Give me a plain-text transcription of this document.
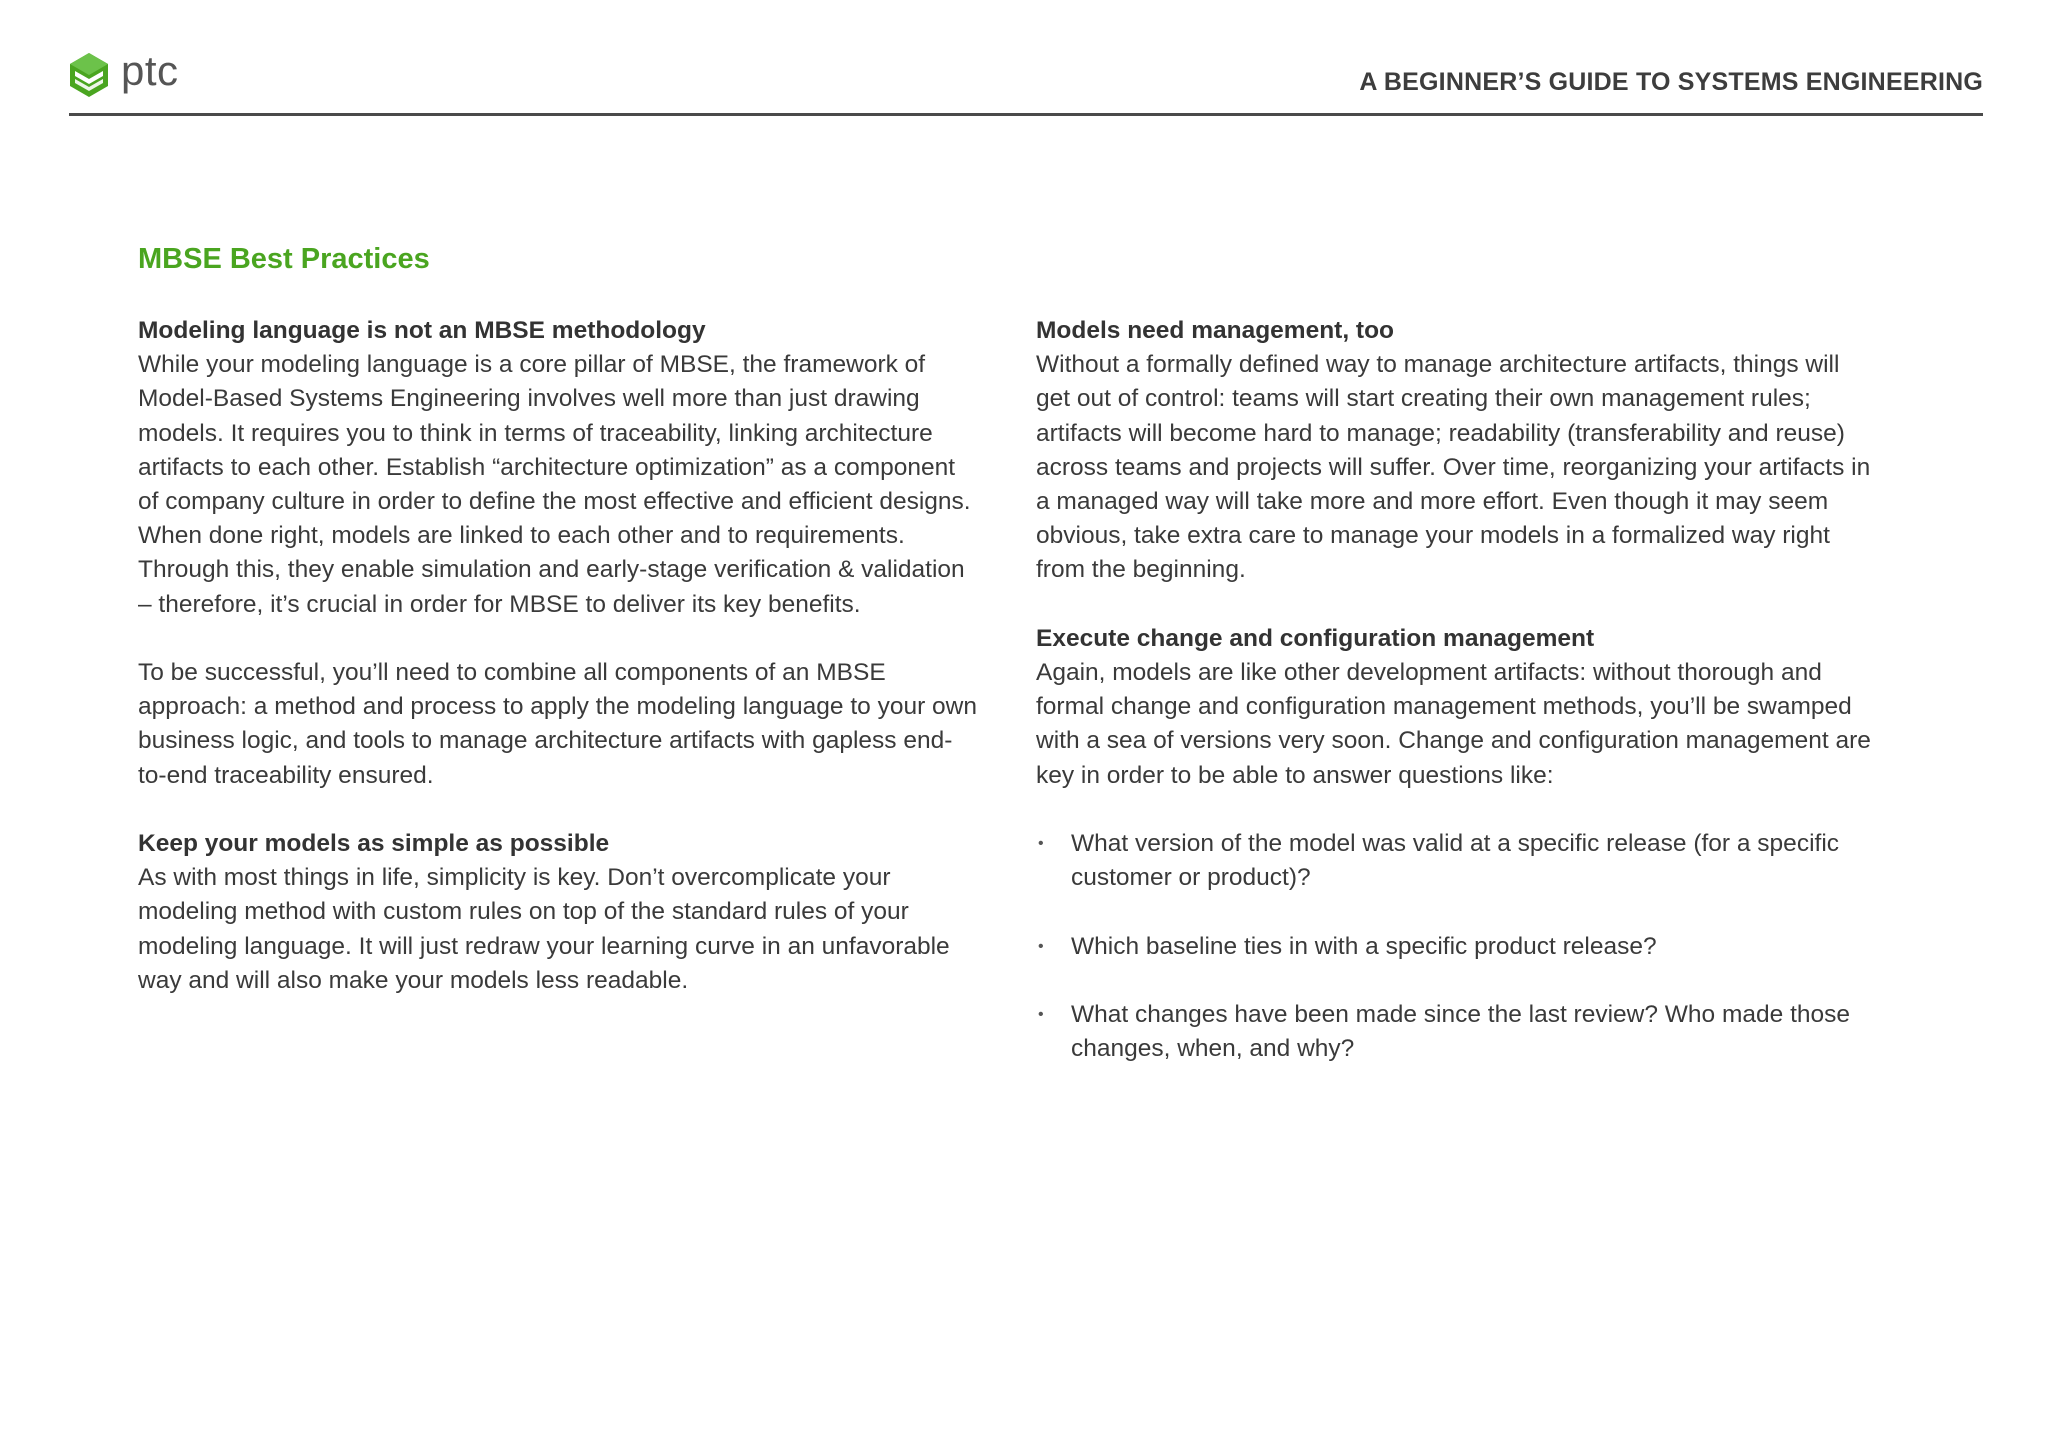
ptc	A BEGINNER’S GUIDE TO SYSTEMS ENGINEERING
MBSE Best Practices
Modeling language is not an MBSE methodology

While your modeling language is a core pillar of MBSE, the framework of Model-Based Systems Engineering involves well more than just drawing models. It requires you to think in terms of traceability, linking architecture artifacts to each other. Establish “architecture optimization” as a component of company culture in order to define the most effective and efficient designs. When done right, models are linked to each other and to requirements. Through this, they enable simulation and early-stage verification & validation – therefore, it’s crucial in order for MBSE to deliver its key benefits.

To be successful, you’ll need to combine all components of an MBSE approach: a method and process to apply the modeling language to your own business logic, and tools to manage architecture artifacts with gapless end-to-end traceability ensured.

Keep your models as simple as possible

As with most things in life, simplicity is key. Don’t overcomplicate your modeling method with custom rules on top of the standard rules of your modeling language. It will just redraw your learning curve in an unfavorable way and will also make your models less readable.

Models need management, too

Without a formally defined way to manage architecture artifacts, things will get out of control: teams will start creating their own management rules; artifacts will become hard to manage; readability (transferability and reuse) across teams and projects will suffer. Over time, reorganizing your artifacts in a managed way will take more and more effort. Even though it may seem obvious, take extra care to manage your models in a formalized way right from the beginning.

Execute change and configuration management

Again, models are like other development artifacts: without thorough and formal change and configuration management methods, you’ll be swamped with a sea of versions very soon. Change and configuration management are key in order to be able to answer questions like:

• What version of the model was valid at a specific release (for a specific customer or product)?
• Which baseline ties in with a specific product release?
• What changes have been made since the last review? Who made those changes, when, and why?
